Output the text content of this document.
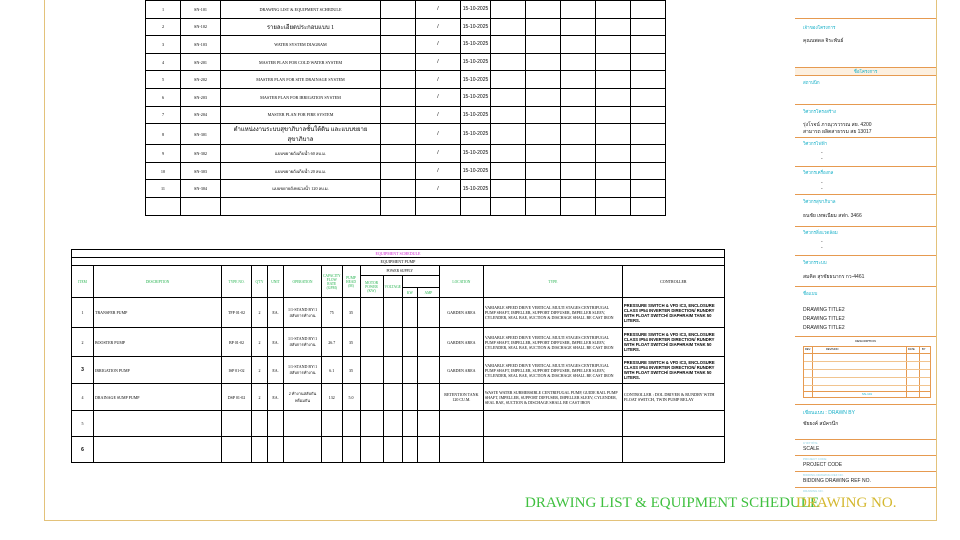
1	SN-101	DRAWING LIST & EQUIPMENT SCHEDULE		/	15-10-2025					
2	SN-102	รายละเอียดประกอบแบบ 1		/	15-10-2025					
3	SN-103	WATER SYSTEM DIAGRAM		/	15-10-2025					
4	SN-201	MASTER PLAN FOR COLD WATER SYSTEM		/	15-10-2025					
5	SN-202	MASTER PLAN FOR SITE DRAINAGE SYSTEM		/	15-10-2025					
6	SN-203	MASTER PLAN FOR IRRIGATION SYSTEM		/	15-10-2025					
7	SN-204	MASTER PLAN FOR FIRE SYSTEM		/	15-10-2025					
8	SN-301	ตำแหน่งงานระบบสุขาภิบาลชั้นใต้ดิน และแบบขยายสุขาภิบาล		/	15-10-2025					
9	SN-302	แบบขยายถังเก็บน้ำ 60 ลบ.ม.		/	15-10-2025					
10	SN-303	แบบขยายถังเก็บน้ำ 20 ลบ.ม.		/	15-10-2025					
11	SN-304	แบบขยายถังหน่วงน้ำ 120 ลบ.ม.		/	15-10-2025					

EQUIPMENT SCHEDULE														
EQUIPMENT PUMP														
ITEM	DESCRIPTION	TYPE NO.	Q'TY	UNIT	OPERATION	CAPACITY FLOW RATE (GPM)	PUMP HEAD (M)	POWER SUPPLY				LOCATION	TYPE	CONTROLLER
								MOTOR POWER (KW)	VOLTAGE					
										KW	AMP			
1	TRANSFER PUMP	TFP 01-02	2	EA.	1/1-STAND BY/1 สลับการทำงาน	75	35					GARDEN AREA	VARIABLE SPEED DRIVE VERTICAL MULTI STAGES CENTRIFUGAL PUMP SHAFT, IMPELLER, SUPPORT DIFFUSER, IMPELLER SLEEV, CYLENDER, SEAL BAE, SUCTION & DISCHAGE SHALL BE CAST IRON	PRESSURE SWITCH & VFD IC3, ENCLOSURE CLASS IP54 INVERTER DIRECTION/ RUNDRY WITH FLOAT SWITCH/ DIAPHRAIM TANK 50 LITERS.
2	BOOSTER PUMP	BP 01-02	2	EA.	1/1-STAND BY/1 สลับการทำงาน	26.7	35					GARDEN AREA	VARIABLE SPEED DRIVE VERTICAL MULTI STAGES CENTRIFUGAL PUMP SHAFT, IMPELLER, SUPPORT DIFFUSER, IMPELLER SLEEV, CYLENDER, SEAL BAE, SUCTION & DISCHAGE SHALL BE CAST IRON	PRESSURE SWITCH & VFD IC3, ENCLOSURE CLASS IP54 INVERTER DIRECTION/ RUNDRY WITH FLOAT SWITCH/ DIAPHRAIM TANK 50 LITERS.
3	IRRIGATION PUMP	ISP 01-02	2	EA.	1/1-STAND BY/1 สลับการทำงาน	6.1	35					GARDEN AREA	VARIABLE SPEED DRIVE VERTICAL MULTI STAGES CENTRIFUGAL PUMP SHAFT, IMPELLER, SUPPORT DIFFUSER, IMPELLER SLEEV, CYLENDER, SEAL BAE, SUCTION & DISCHAGE SHALL BE CAST IRON	PRESSURE SWITCH & VFD IC3, ENCLOSURE CLASS IP54 INVERTER DIRECTION/ RUNDRY WITH FLOAT SWITCH/ DIAPHRAIM TANK 50 LITERS.
4	DRAINAGE SUMP PUMP	DSP 01-02	2	EA.	2 ทำงานสลับกันพร้อมกัน	132	5.0					RETENTION TANK 120 CU.M.	WASTE WATER SUBMERSIBLE CENTRIFUGAL PUMP, GUIDE RAIL PUMP SHAFT, IMPELLER, SUPPORT DIFFUSER, IMPELLER SLEEV, CYLENDER, SEAL BAE, SUCTION & DISCHAGE SHALL BE CAST IRON	CONTROLLER : DOL DRIVER & RUNDRY WITH FLOAT SWITCH, TWIN PUMP RELAY
5														
6														
DRAWING LIST & EQUIPMENT SCHEDULE
DRAWING NO.
เจ้าของโครงการ
คุณนพดล จิระพันธ์
ชื่อโครงการ
สถาปนิก
วิศวกรโครงสร้าง
รุ่งโรจน์ ภาณุวรวรรณ สย. 4200
สามารถ ผลิตสาธรรม สย 13017
วิศวกรไฟฟ้า
-
-
วิศวกรเครื่องกล
-
-
วิศวกรสุขาภิบาล
ธนชัย เทพเนียม สฟก. 3466
วิศวกรสิ่งแวดล้อม
-
-
วิศวกรระบบ
สมคิด สุรชัยธนากร กว-4461
ชื่อแบบ
DRAWING TITLE2
DRAWING TITLE2
DRAWING TITLE2
DESCRIPTION
REV.	REVISION	DATE	BY
SN-101
เขียนแบบ : DRAWN BY
ชัยยงค์ สมัครนึก
มาตราส่วน
SCALE
PROJECT CODE
PROJECT CODE
BIDDING DRAWING REF NO.
BIDDING DRAWING REF NO.
DRAWING NO.
